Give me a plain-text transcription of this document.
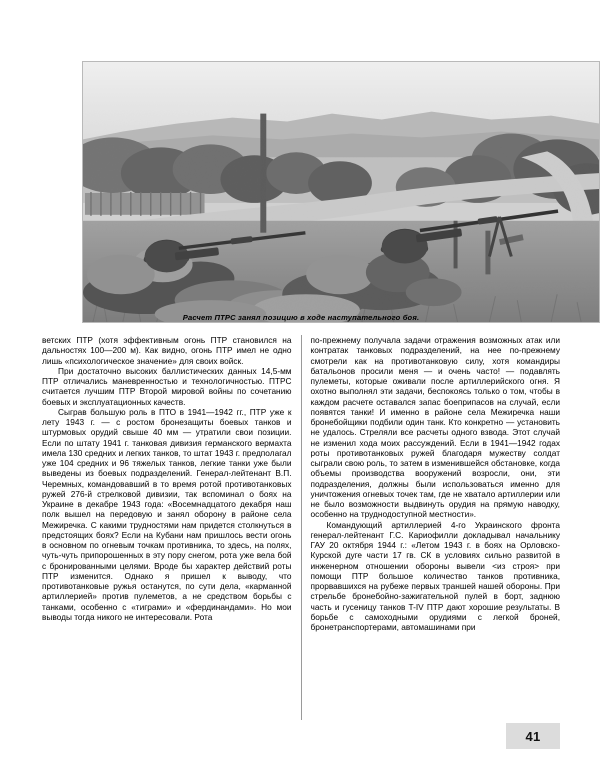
Расчет ПТРС занял позицию в ходе наступательного боя.

ветских ПТР (хотя эффективным огонь ПТР становился на дальностях 100—200 м). Как видно, огонь ПТР имел не одно лишь «психологическое значение» для своих войск.

При достаточно высоких баллистических данных 14,5-мм ПТР отличались маневренностью и технологичностью. ПТРС считается лучшим ПТР Второй мировой войны по сочетанию боевых и эксплуатационных качеств.

Сыграв большую роль в ПТО в 1941—1942 гг., ПТР уже к лету 1943 г. — с ростом бронезащиты боевых танков и штурмовых орудий свыше 40 мм — утратили свои позиции. Если по штату 1941 г. танковая дивизия германского вермахта имела 130 средних и легких танков, то штат 1943 г. предполагал уже 104 средних и 96 тяжелых танков, легкие танки уже были выведены из боевых подразделений. Генерал-лейтенант В.П. Черемных, командовавший в то время ротой противотанковых ружей 276-й стрелковой дивизии, так вспоминал о боях на Украине в декабре 1943 года: «Восемнадцатого декабря наш полк вышел на передовую и занял оборону в районе села Межиречка. С какими трудностями нам придется столкнуться в предстоящих боях? Если на Кубани нам пришлось вести огонь в основном по огневым точкам противника, то здесь, на полях, чуть-чуть припорошенных в эту пору снегом, рота уже вела бой с бронированными целями. Вроде бы характер действий роты ПТР изменится. Однако я пришел к выводу, что противотанковые ружья останутся, по сути дела, «карманной артиллерией» против пулеметов, а не средством борьбы с танками, особенно с «тиграми» и «фердинандами». Но мои выводы тогда никого не интересовали. Рота

по-прежнему получала задачи отражения возможных атак или контратак танковых подразделений, на нее по-прежнему смотрели как на противотанковую силу, хотя командиры батальонов просили меня — и очень часто! — подавлять пулеметы, которые оживали после артиллерийского огня. Я охотно выполнял эти задачи, беспокоясь только о том, чтобы в каждом расчете оставался запас боеприпасов на случай, если появятся танки! И именно в районе села Межиречка наши бронебойщики подбили один танк. Кто конкретно — установить не удалось. Стреляли все расчеты одного взвода. Этот случай не изменил хода моих рассуждений. Если в 1941—1942 годах роты противотанковых ружей благодаря мужеству солдат сыграли свою роль, то затем в изменившейся обстановке, когда объемы производства вооружений возросли, они, эти подразделения, должны были использоваться именно для уничтожения огневых точек там, где не хватало артиллерии или не было возможности выдвинуть орудия на прямую наводку, особенно на труднодоступной местности».

Командующий артиллерией 4-го Украинского фронта генерал-лейтенант Г.С. Кариофилли докладывал начальнику ГАУ 20 октября 1944 г.: «Летом 1943 г. в боях на Орловско-Курской дуге части 17 гв. СК в условиях сильно развитой в инженерном отношении обороны вывели <из строя> при помощи ПТР большое количество танков противника, прорвавшихся на рубеже первых траншей нашей обороны. При стрельбе бронебойно-зажигательной пулей в борт, заднюю часть и гусеницу танков T-IV ПТР дают хорошие результаты. В борьбе с самоходными орудиями с легкой броней, бронетранспортерами, автомашинами при

41
